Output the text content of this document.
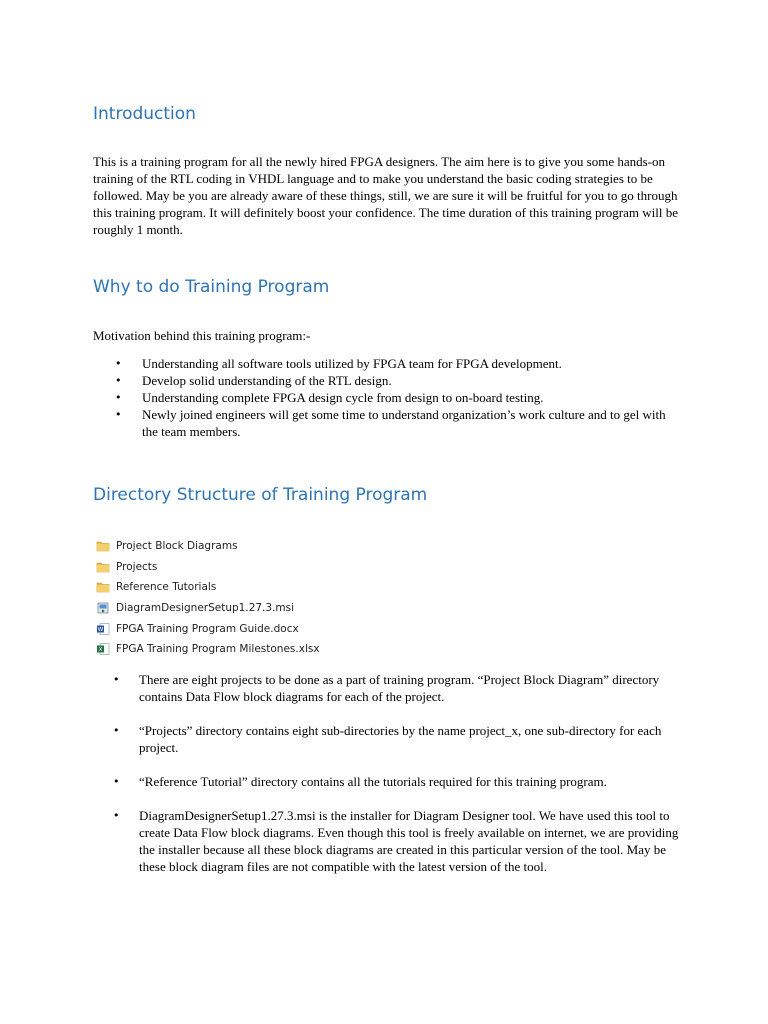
Introduction

This is a training program for all the newly hired FPGA designers. The aim here is to give you some hands-on training of the RTL coding in VHDL language and to make you understand the basic coding strategies to be followed. May be you are already aware of these things, still, we are sure it will be fruitful for you to go through this training program. It will definitely boost your confidence. The time duration of this training program will be roughly 1 month.

Why to do Training Program

Motivation behind this training program:-

• Understanding all software tools utilized by FPGA team for FPGA development.
• Develop solid understanding of the RTL design.
• Understanding complete FPGA design cycle from design to on-board testing.
• Newly joined engineers will get some time to understand organization’s work culture and to gel with the team members.
Directory Structure of Training Program
Project Block Diagrams
Projects
Reference Tutorials
DiagramDesignerSetup1.27.3.msi
W FPGA Training Program Guide.docx
X FPGA Training Program Milestones.xlsx
• There are eight projects to be done as a part of training program. “Project Block Diagram” directory contains Data Flow block diagrams for each of the project.
• “Projects” directory contains eight sub-directories by the name project_x, one sub-directory for each project.
• “Reference Tutorial” directory contains all the tutorials required for this training program.
• DiagramDesignerSetup1.27.3.msi is the installer for Diagram Designer tool. We have used this tool to create Data Flow block diagrams. Even though this tool is freely available on internet, we are providing the installer because all these block diagrams are created in this particular version of the tool. May be these block diagram files are not compatible with the latest version of the tool.
